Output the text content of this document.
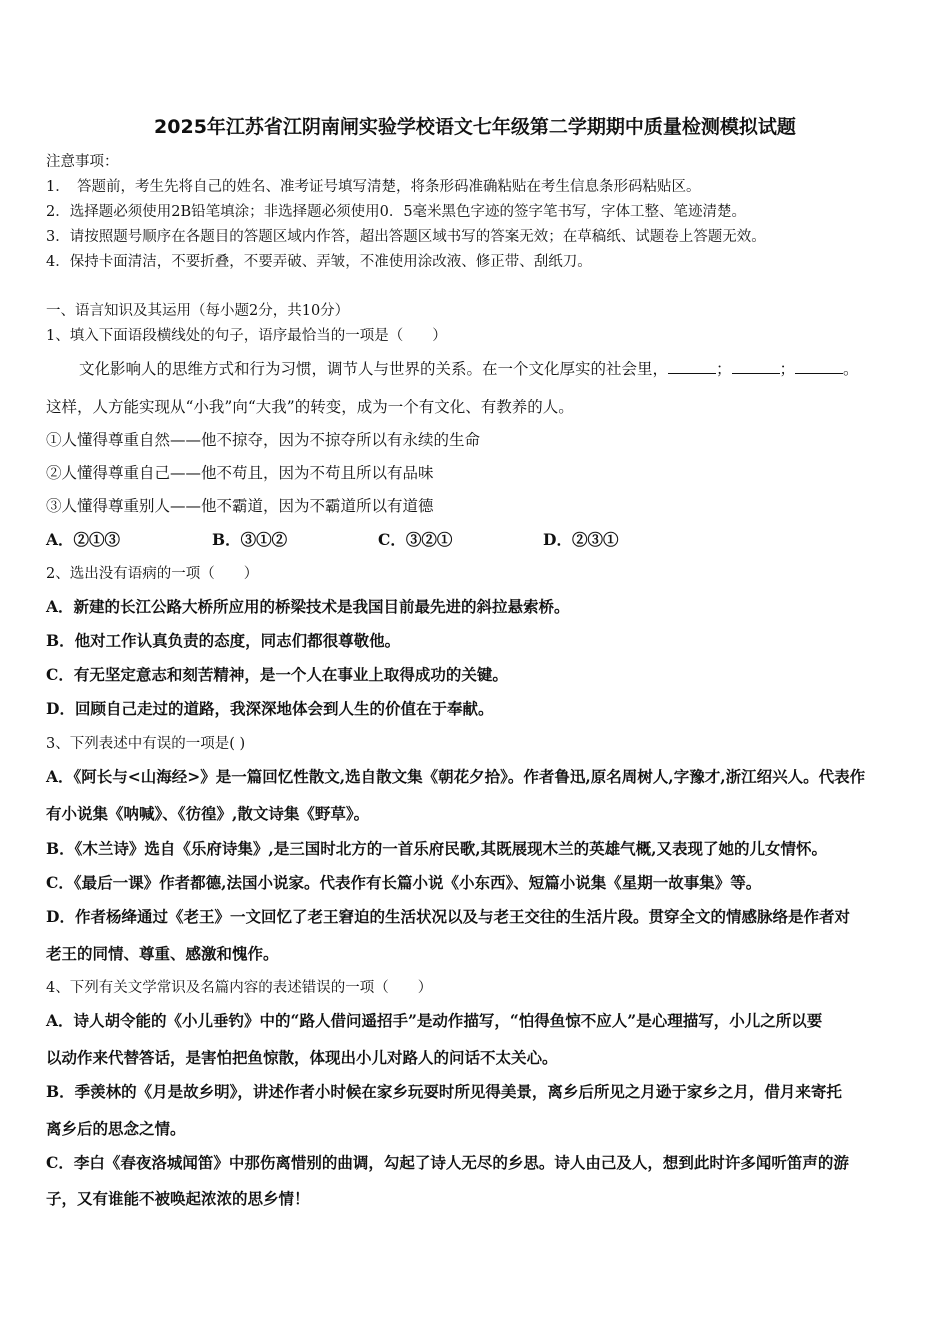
2025年江苏省江阴南闸实验学校语文七年级第二学期期中质量检测模拟试题
注意事项：
1．　答题前，考生先将自己的姓名、准考证号填写清楚，将条形码准确粘贴在考生信息条形码粘贴区。
2．选择题必须使用2B铅笔填涂；非选择题必须使用0．5毫米黑色字迹的签字笔书写，字体工整、笔迹清楚。
3．请按照题号顺序在各题目的答题区域内作答，超出答题区域书写的答案无效；在草稿纸、试题卷上答题无效。
4．保持卡面清洁，不要折叠，不要弄破、弄皱，不准使用涂改液、修正带、刮纸刀。
一、语言知识及其运用（每小题2分，共10分）
1、填入下面语段横线处的句子，语序最恰当的一项是（　　）
文化影响人的思维方式和行为习惯，调节人与世界的关系。在一个文化厚实的社会里，	；	；	。
这样，人方能实现从“小我”向“大我”的转变，成为一个有文化、有教养的人。
①人懂得尊重自然——他不掠夺，因为不掠夺所以有永续的生命
②人懂得尊重自己——他不苟且，因为不苟且所以有品味
③人懂得尊重别人——他不霸道，因为不霸道所以有道德
A．②①③	B．③①②	C．③②①	D．②③①
2、选出没有语病的一项（　　）
A．新建的长江公路大桥所应用的桥梁技术是我国目前最先进的斜拉悬索桥。
B．他对工作认真负责的态度，同志们都很尊敬他。
C．有无坚定意志和刻苦精神，是一个人在事业上取得成功的关键。
D．回顾自己走过的道路，我深深地体会到人生的价值在于奉献。
3、下列表述中有误的一项是( )
A．《阿长与<山海经>》是一篇回忆性散文,选自散文集《朝花夕拾》。作者鲁迅,原名周树人,字豫才,浙江绍兴人。代表作
有小说集《呐喊》、《彷徨》,散文诗集《野草》。
B．《木兰诗》选自《乐府诗集》,是三国时北方的一首乐府民歌,其既展现木兰的英雄气概,又表现了她的儿女情怀。
C．《最后一课》作者都德,法国小说家。代表作有长篇小说《小东西》、短篇小说集《星期一故事集》等。
D．作者杨绛通过《老王》一文回忆了老王窘迫的生活状况以及与老王交往的生活片段。贯穿全文的情感脉络是作者对
老王的同情、尊重、感激和愧作。
4、下列有关文学常识及名篇内容的表述错误的一项（　　）
A．诗人胡令能的《小儿垂钓》中的“路人借问遥招手”是动作描写，“怕得鱼惊不应人”是心理描写，小儿之所以要
以动作来代替答话，是害怕把鱼惊散，体现出小儿对路人的问话不太关心。
B．季羡林的《月是故乡明》，讲述作者小时候在家乡玩耍时所见得美景，离乡后所见之月逊于家乡之月，借月来寄托
离乡后的思念之情。
C．李白《春夜洛城闻笛》中那伤离惜别的曲调，勾起了诗人无尽的乡思。诗人由己及人，想到此时许多闻听笛声的游
子，又有谁能不被唤起浓浓的思乡情！
